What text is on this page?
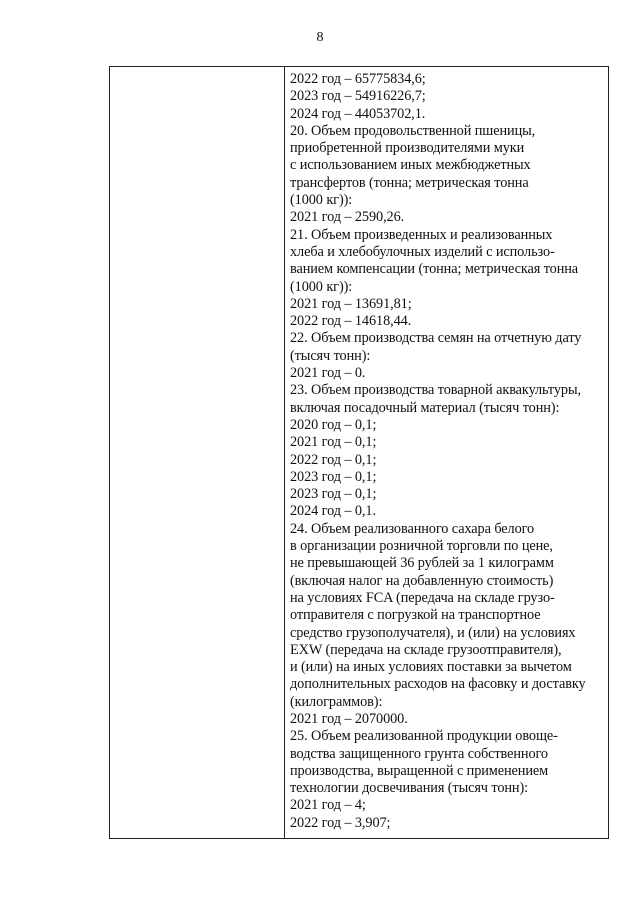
8
2022 год – 65775834,6;
2023 год – 54916226,7;
2024 год – 44053702,1.
20. Объем продовольственной пшеницы,
приобретенной производителями муки
с использованием иных межбюджетных
трансфертов (тонна; метрическая тонна
(1000 кг)):
2021 год – 2590,26.
21. Объем произведенных и реализованных
хлеба и хлебобулочных изделий с использо-
ванием компенсации (тонна; метрическая тонна
(1000 кг)):
2021 год – 13691,81;
2022 год – 14618,44.
22. Объем производства семян на отчетную дату
(тысяч тонн):
2021 год – 0.
23. Объем производства товарной аквакультуры,
включая посадочный материал (тысяч тонн):
2020 год – 0,1;
2021 год – 0,1;
2022 год – 0,1;
2023 год – 0,1;
2023 год – 0,1;
2024 год – 0,1.
24. Объем реализованного сахара белого
в организации розничной торговли по цене,
не превышающей 36 рублей за 1 килограмм
(включая налог на добавленную стоимость)
на условиях FCA (передача на складе грузо-
отправителя с погрузкой на транспортное
средство грузополучателя), и (или) на условиях
EXW (передача на складе грузоотправителя),
и (или) на иных условиях поставки за вычетом
дополнительных расходов на фасовку и доставку
(килограммов):
2021 год – 2070000.
25. Объем реализованной продукции овоще-
водства защищенного грунта собственного
производства, выращенной с применением
технологии досвечивания (тысяч тонн):
2021 год – 4;
2022 год – 3,907;
